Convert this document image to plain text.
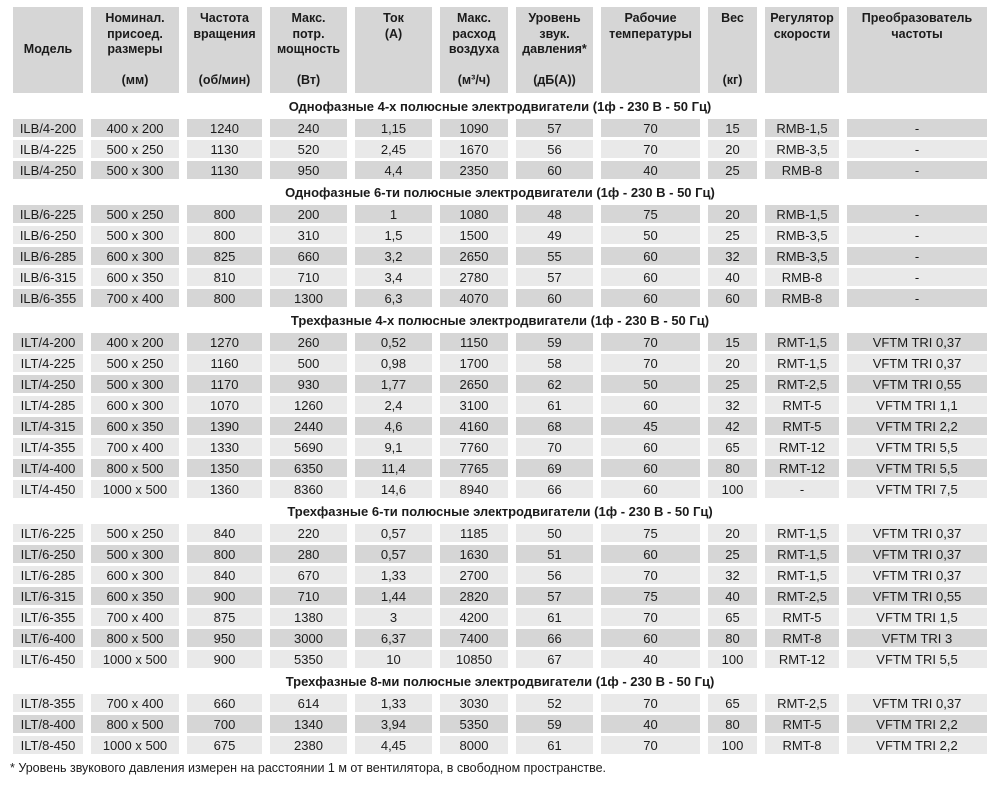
Модель

Номинал.
присоед.
размеры
(мм)

Частота
вращения
(об/мин)

Макс.
потр.
мощность
(Вт)

Ток
(А)

Макс.
расход
воздуха
(м³/ч)

Уровень
звук.
давления*
(дБ(А))

Рабочие
температуры

Вес
(кг)

Регулятор
скорости

Преобразователь
частоты

Однофазные 4-х полюсные электродвигатели (1ф - 230 В - 50 Гц)										
ILB/4-200	400 x 200	1240	240	1,15	1090	57	70	15	RMB-1,5	-
ILB/4-225	500 x 250	1130	520	2,45	1670	56	70	20	RMB-3,5	-
ILB/4-250	500 x 300	1130	950	4,4	2350	60	40	25	RMB-8	-
Однофазные 6-ти полюсные электродвигатели (1ф - 230 В - 50 Гц)										
ILB/6-225	500 x 250	800	200	1	1080	48	75	20	RMB-1,5	-
ILB/6-250	500 x 300	800	310	1,5	1500	49	50	25	RMB-3,5	-
ILB/6-285	600 x 300	825	660	3,2	2650	55	60	32	RMB-3,5	-
ILB/6-315	600 x 350	810	710	3,4	2780	57	60	40	RMB-8	-
ILB/6-355	700 x 400	800	1300	6,3	4070	60	60	60	RMB-8	-
Трехфазные 4-х полюсные электродвигатели (1ф - 230 В - 50 Гц)										
ILT/4-200	400 x 200	1270	260	0,52	1150	59	70	15	RMT-1,5	VFTM TRI 0,37
ILT/4-225	500 x 250	1160	500	0,98	1700	58	70	20	RMT-1,5	VFTM TRI 0,37
ILT/4-250	500 x 300	1170	930	1,77	2650	62	50	25	RMT-2,5	VFTM TRI 0,55
ILT/4-285	600 x 300	1070	1260	2,4	3100	61	60	32	RMT-5	VFTM TRI 1,1
ILT/4-315	600 x 350	1390	2440	4,6	4160	68	45	42	RMT-5	VFTM TRI 2,2
ILT/4-355	700 x 400	1330	5690	9,1	7760	70	60	65	RMT-12	VFTM TRI 5,5
ILT/4-400	800 x 500	1350	6350	11,4	7765	69	60	80	RMT-12	VFTM TRI 5,5
ILT/4-450	1000 x 500	1360	8360	14,6	8940	66	60	100	-	VFTM TRI 7,5
Трехфазные 6-ти полюсные электродвигатели (1ф - 230 В - 50 Гц)										
ILT/6-225	500 x 250	840	220	0,57	1185	50	75	20	RMT-1,5	VFTM TRI 0,37
ILT/6-250	500 x 300	800	280	0,57	1630	51	60	25	RMT-1,5	VFTM TRI 0,37
ILT/6-285	600 x 300	840	670	1,33	2700	56	70	32	RMT-1,5	VFTM TRI 0,37
ILT/6-315	600 x 350	900	710	1,44	2820	57	75	40	RMT-2,5	VFTM TRI 0,55
ILT/6-355	700 x 400	875	1380	3	4200	61	70	65	RMT-5	VFTM TRI 1,5
ILT/6-400	800 x 500	950	3000	6,37	7400	66	60	80	RMT-8	VFTM TRI 3
ILT/6-450	1000 x 500	900	5350	10	10850	67	40	100	RMT-12	VFTM TRI 5,5
Трехфазные 8-ми полюсные электродвигатели (1ф - 230 В - 50 Гц)										
ILT/8-355	700 x 400	660	614	1,33	3030	52	70	65	RMT-2,5	VFTM TRI 0,37
ILT/8-400	800 x 500	700	1340	3,94	5350	59	40	80	RMT-5	VFTM TRI 2,2
ILT/8-450	1000 x 500	675	2380	4,45	8000	61	70	100	RMT-8	VFTM TRI 2,2
* Уровень звукового давления измерен на расстоянии 1 м от вентилятора, в свободном пространстве.
